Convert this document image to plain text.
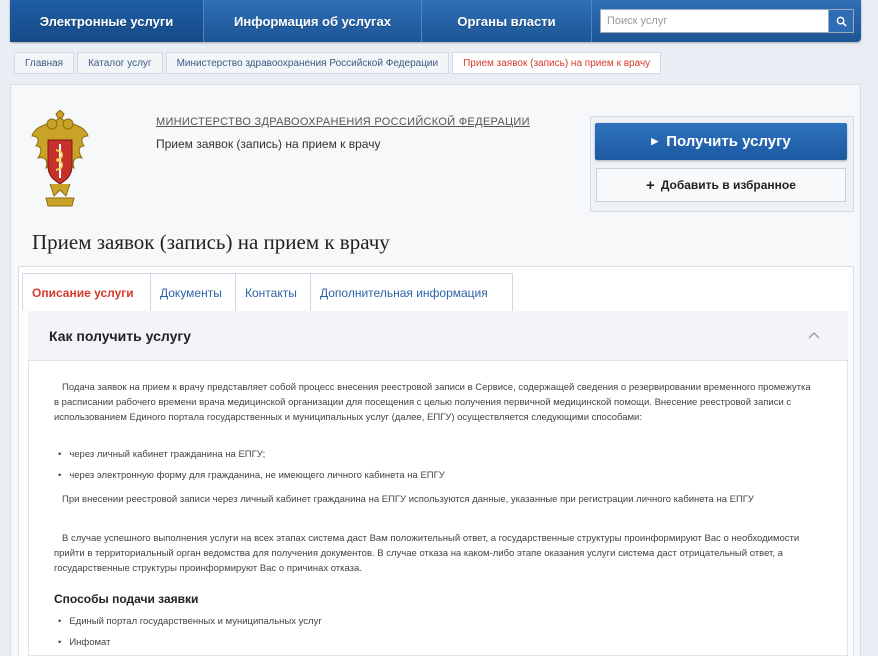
Электронные услуги	Информация об услугах	Органы власти
Поиск услуг
Главная	Каталог услуг	Министерство здравоохранения Российской Федерации	Прием заявок (запись) на прием к врачу
МИНИСТЕРСТВО ЗДРАВООХРАНЕНИЯ РОССИЙСКОЙ ФЕДЕРАЦИИ
Прием заявок (запись) на прием к врачу	▶ Получить услугу
+ Добавить в избранное
Прием заявок (запись) на прием к врачу
Описание услуги	Документы	Контакты	Дополнительная информация
Как получить услугу
Подача заявок на прием к врачу представляет собой процесс внесения реестровой записи в Сервисе, содержащей сведения о резервировании временного промежутка в расписании рабочего времени врача медицинской организации для посещения с целью получения первичной медицинской помощи. Внесение реестровой записи с использованием Единого портала государственных и муниципальных услуг (далее, ЕПГУ) осуществляется следующими способами:
• через личный кабинет гражданина на ЕПГУ;
• через электронную форму для гражданина, не имеющего личного кабинета на ЕПГУ
При внесении реестровой записи через личный кабинет гражданина на ЕПГУ используются данные, указанные при регистрации личного кабинета на ЕПГУ
В случае успешного выполнения услуги на всех этапах система даст Вам положительный ответ, а государственные структуры проинформируют Вас о необходимости прийти в территориальный орган ведомства для получения документов. В случае отказа на каком-либо этапе оказания услуги система даст отрицательный ответ, а государственные структуры проинформируют Вас о причинах отказа.
Способы подачи заявки
• Единый портал государственных и муниципальных услуг
• Инфомат
